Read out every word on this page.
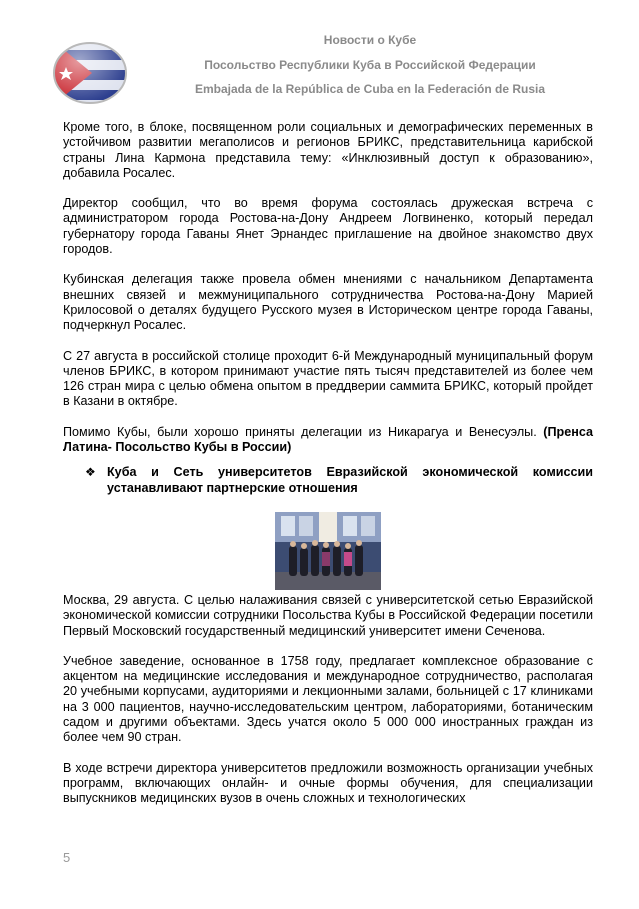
Новости о Кубе
Посольство Республики Куба в Российской Федерации
Embajada de la República de Cuba en la Federación de Rusia

Кроме того, в блоке, посвященном роли социальных и демографических переменных в устойчивом развитии мегаполисов и регионов БРИКС, представительница карибской страны Лина Кармона представила тему: «Инклюзивный доступ к образованию», добавила Росалес.

Директор сообщил, что во время форума состоялась дружеская встреча с администратором города Ростова-на-Дону Андреем Логвиненко, который передал губернатору города Гаваны Янет Эрнандес приглашение на двойное знакомство двух городов.

Кубинская делегация также провела обмен мнениями с начальником Департамента внешних связей и межмуниципального сотрудничества Ростова-на-Дону Марией Крилосовой о деталях будущего Русского музея в Историческом центре города Гаваны, подчеркнул Росалес.

С 27 августа в российской столице проходит 6-й Международный муниципальный форум членов БРИКС, в котором принимают участие пять тысяч представителей из более чем 126 стран мира с целью обмена опытом в преддверии саммита БРИКС, который пройдет в Казани в октябре.

Помимо Кубы, были хорошо приняты делегации из Никарагуа и Венесуэлы. (Пренса Латина- Посольство Кубы в России)

❖ Куба и Сеть университетов Евразийской экономической комиссии устанавливают партнерские отношения

Москва, 29 августа. С целью налаживания связей с университетской сетью Евразийской экономической комиссии сотрудники Посольства Кубы в Российской Федерации посетили Первый Московский государственный медицинский университет имени Сеченова.

Учебное заведение, основанное в 1758 году, предлагает комплексное образование с акцентом на медицинские исследования и международное сотрудничество, располагая 20 учебными корпусами, аудиториями и лекционными залами, больницей с 17 клиниками на 3 000 пациентов, научно-исследовательским центром, лабораториями, ботаническим садом и другими объектами. Здесь учатся около 5 000 000 иностранных граждан из более чем 90 стран.

В ходе встречи директора университетов предложили возможность организации учебных программ, включающих онлайн- и очные формы обучения, для специализации выпускников медицинских вузов в очень сложных и технологических

5
